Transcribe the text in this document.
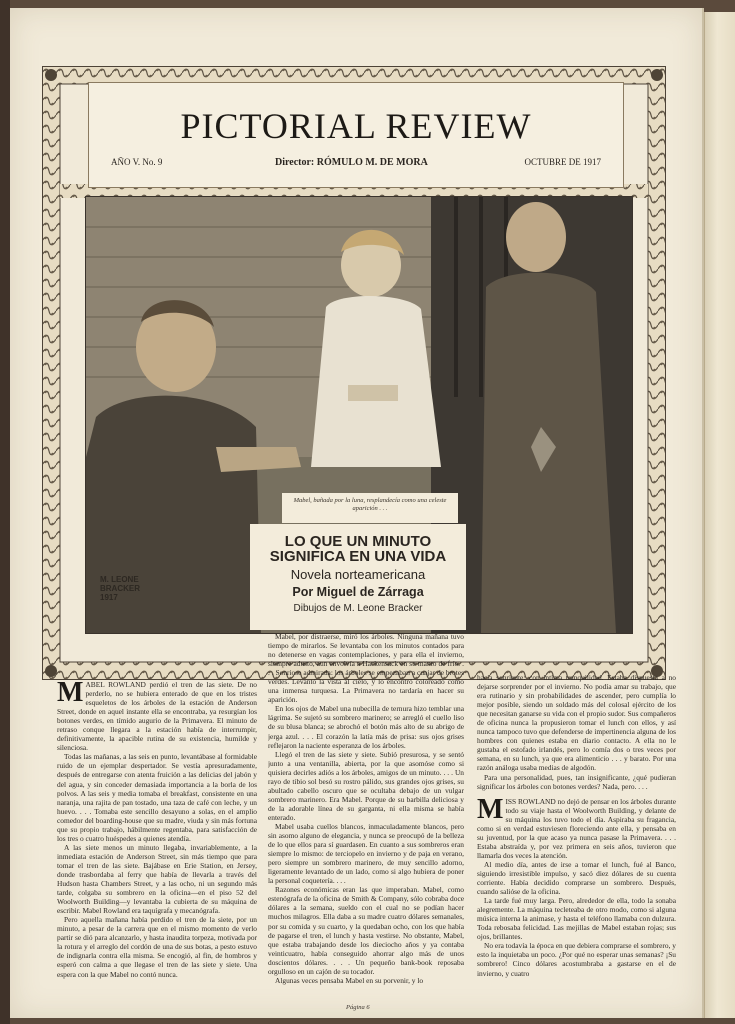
PICTORIAL REVIEW
AÑO V. No. 9	Director: RÓMULO M. DE MORA	OCTUBRE DE 1917
M. LEONE BRACKER 1917
Mabel, bañada por la luna, resplandecía como una celeste aparición . . .
LO QUE UN MINUTO SIGNIFICA EN UNA VIDA
Novela norteamericana
Por Miguel de Zárraga
Dibujos de M. Leone Bracker
M ABEL ROWLAND perdió el tren de las siete. De no perderlo, no se hubiera enterado de que en los tristes esqueletos de los árboles de la estación de Anderson Street, donde en aquel instante ella se encontraba, ya resurgían los botones verdes, en tímido augurio de la Primavera. El minuto de retraso conque llegara a la estación había de interrumpir, definitivamente, la apacible rutina de su existencia, humilde y silenciosa.

Todas las mañanas, a las seis en punto, levantábase al formidable ruido de un ejemplar despertador. Se vestía apresuradamente, después de entregarse con atenta fruición a las delicias del jabón y del agua, y sin conceder demasiada importancia a la borla de los polvos. A las seis y media tomaba el breakfast, consistente en una naranja, una rajita de pan tostado, una taza de café con leche, y un huevo. . . . Tomaba este sencillo desayuno a solas, en el amplio comedor del boarding-house que su madre, viuda y sin más fortuna que su propio trabajo, hábilmente regentaba, para satisfacción de los tres o cuatro huéspedes a quienes atendía.

A las siete menos un minuto llegaba, invariablemente, a la inmediata estación de Anderson Street, sin más tiempo que para tomar el tren de las siete. Bajábase en Erie Station, en Jersey, donde trasbordaba al ferry que había de llevarla a través del Hudson hasta Chambers Street, y a las ocho, ni un segundo más tarde, colgaba su sombrero en la oficina—en el piso 52 del Woolworth Building—y levantaba la cubierta de su máquina de escribir. Mabel Rowland era taquígrafa y mecanógrafa.

Pero aquella mañana había perdido el tren de la siete, por un minuto, a pesar de la carrera que en el mismo momento de verlo partir se dió para alcanzarlo, y hasta inaudita torpeza, motivada por la rotura y el arreglo del cordón de una de sus botas, a pesto estuvo de indignarla contra ella misma. Se encogió, al fin, de hombros y esperó con calma a que llegase el tren de las siete y siete. Una espera con la que Mabel no contó nunca.

Mabel, por distraerse, miró los árboles. Ninguna mañana tuvo tiempo de mirarlos. Se levantaba con los minutos contados para no detenerse en vagas contemplaciones, y para ella el invierno, siempre adusto, aun envolvía a Hackensack en su manto de frío. . . . Sonriose admirada: los árboles se empezaban a cuajar de brotes verdes. Levantó la vista al cielo, y lo encontró coloreado como una inmensa turquesa. La Primavera no tardaría en hacer su aparición.

En los ojos de Mabel una nubecilla de ternura hizo temblar una lágrima. Se sujetó su sombrero marinero; se arregló el cuello liso de su blusa blanca; se abrochó el botón más alto de su abrigo de jerga azul. . . . El corazón la latía más de prisa: sus ojos grises reflejaron la naciente esperanza de los árboles.

Llegó el tren de las siete y siete. Subió presurosa, y se sentó junto a una ventanilla, abierta, por la que asomóse como si quisiera decirles adiós a los árboles, amigos de un minuto. . . . Un rayo de tibio sol besó su rostro pálido, sus grandes ojos grises, su abultado cabello oscuro que se ocultaba debajo de un vulgar sombrero marinero. Era Mabel. Porque de su barbilla deliciosa y de la adorable línea de su garganta, ni ella misma se había enterado.

Mabel usaba cuellos blancos, inmaculadamente blancos, pero sin asomo alguno de elegancia, y nunca se preocupó de la belleza de lo que ellos para sí guardasen. En cuanto a sus sombreros eran siempre lo mismo: de terciopelo en invierno y de paja en verano, pero siempre un sombrero marinero, de muy sencillo adorno, ligeramente levantado de un lado, como si algo hubiera de poner la personal coquetería. . . .

Razones económicas eran las que imperaban. Mabel, como estenógrafa de la oficina de Smith & Company, sólo cobraba doce dólares a la semana, sueldo con el cual no se podían hacer muchos milagros. Ella daba a su madre cuatro dólares semanales, por su comida y su cuarto, y la quedaban ocho, con los que había de pagarse el tren, el lunch y hasta vestirse. No obstante, Mabel, que estaba trabajando desde los dieciocho años y ya contaba veinticuatro, había conseguido ahorrar algo más de unos doscientos dólares. . . . Un pequeño bank-book reposaba orgulloso en un cajón de su tocador.

Algunas veces pensaba Mabel en su porvenir, y lo

hacía sonriente: con íntima tranquilidad. Estaba dispuesta a no dejarse sorprender por el invierno. No podía amar su trabajo, que era rutinario y sin probabilidades de ascender, pero cumplía lo mejor posible, siendo un soldado más del colosal ejército de los que necesitan ganarse su vida con el propio sudor. Sus compañeros de oficina nunca la propusieron tomar el lunch con ellos, y así nunca tampoco tuvo que defenderse de impertinencia alguna de los hombres con quienes estaba en diario contacto. A ella no le gustaba el estofado irlandés, pero lo comía dos o tres veces por semana, en su lunch, ya que era alimenticio . . . y barato. Por una razón análoga usaba medias de algodón.

Para una personalidad, pues, tan insignificante, ¿qué pudieran significar los árboles con botones verdes? Nada, pero. . . .

M ISS ROWLAND no dejó de pensar en los árboles durante todo su viaje hasta el Woolworth Building, y delante de su máquina los tuvo todo el día. Aspiraba su fragancia, como si en verdad estuviesen floreciendo ante ella, y pensaba en su juventud, por la que acaso ya nunca pasase la Primavera. . . . Estaba abstraída y, por vez primera en seis años, tuvieron que llamarla dos veces la atención.

Al medio día, antes de irse a tomar el lunch, fué al Banco, siguiendo irresistible impulso, y sacó diez dólares de su cuenta corriente. Había decidido comprarse un sombrero. Después, cuando salióse de la oficina.

La tarde fué muy larga. Pero, alrededor de ella, todo la sonaba alegremente. La máquina tecleteaba de otro modo, como si alguna música interna la animase, y hasta el teléfono llamaba con dulzura. Toda rebosaba felicidad. Las mejillas de Mabel estaban rojas; sus ojos, brillantes.

No era todavía la época en que debiera comprarse el sombrero, y esto la inquietaba un poco. ¿Por qué no esperar unas semanas? ¡Su sombrero! Cinco dólares acostumbraba a gastarse en el de invierno, y cuatro

Página 6
